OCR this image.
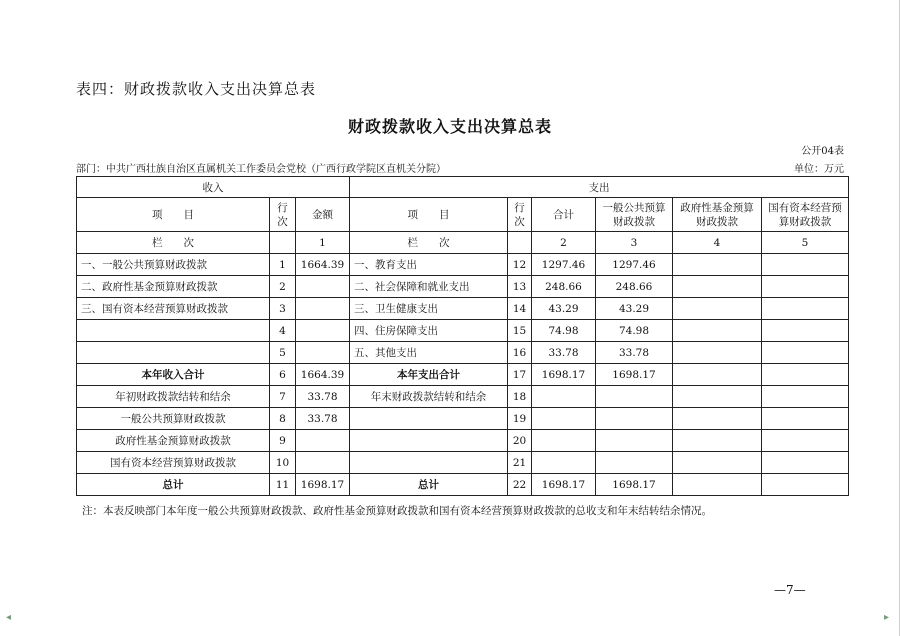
表四：财政拨款收入支出决算总表
财政拨款收入支出决算总表
公开04表
部门：中共广西壮族自治区直属机关工作委员会党校（广西行政学院区直机关分院）	单位：万元
收入			支出					
项　　目	行次	金额	项　　目	行次	合计	一般公共预算财政拨款	政府性基金预算财政拨款	国有资本经营预算财政拨款
栏　　次		1	栏　　次		2	3	4	5
一、一般公共预算财政拨款	1	1664.39	一、教育支出	12	1297.46	1297.46		
二、政府性基金预算财政拨款	2		二、社会保障和就业支出	13	248.66	248.66		
三、国有资本经营预算财政拨款	3		三、卫生健康支出	14	43.29	43.29		
	4		四、住房保障支出	15	74.98	74.98		
	5		五、其他支出	16	33.78	33.78		
本年收入合计	6	1664.39	本年支出合计	17	1698.17	1698.17		
年初财政拨款结转和结余	7	33.78	年末财政拨款结转和结余	18				
一般公共预算财政拨款	8	33.78		19				
政府性基金预算财政拨款	9			20				
国有资本经营预算财政拨款	10			21				
总计	11	1698.17	总计	22	1698.17	1698.17		
注：本表反映部门本年度一般公共预算财政拨款、政府性基金预算财政拨款和国有资本经营预算财政拨款的总收支和年末结转结余情况。
—7—
◂	▸
